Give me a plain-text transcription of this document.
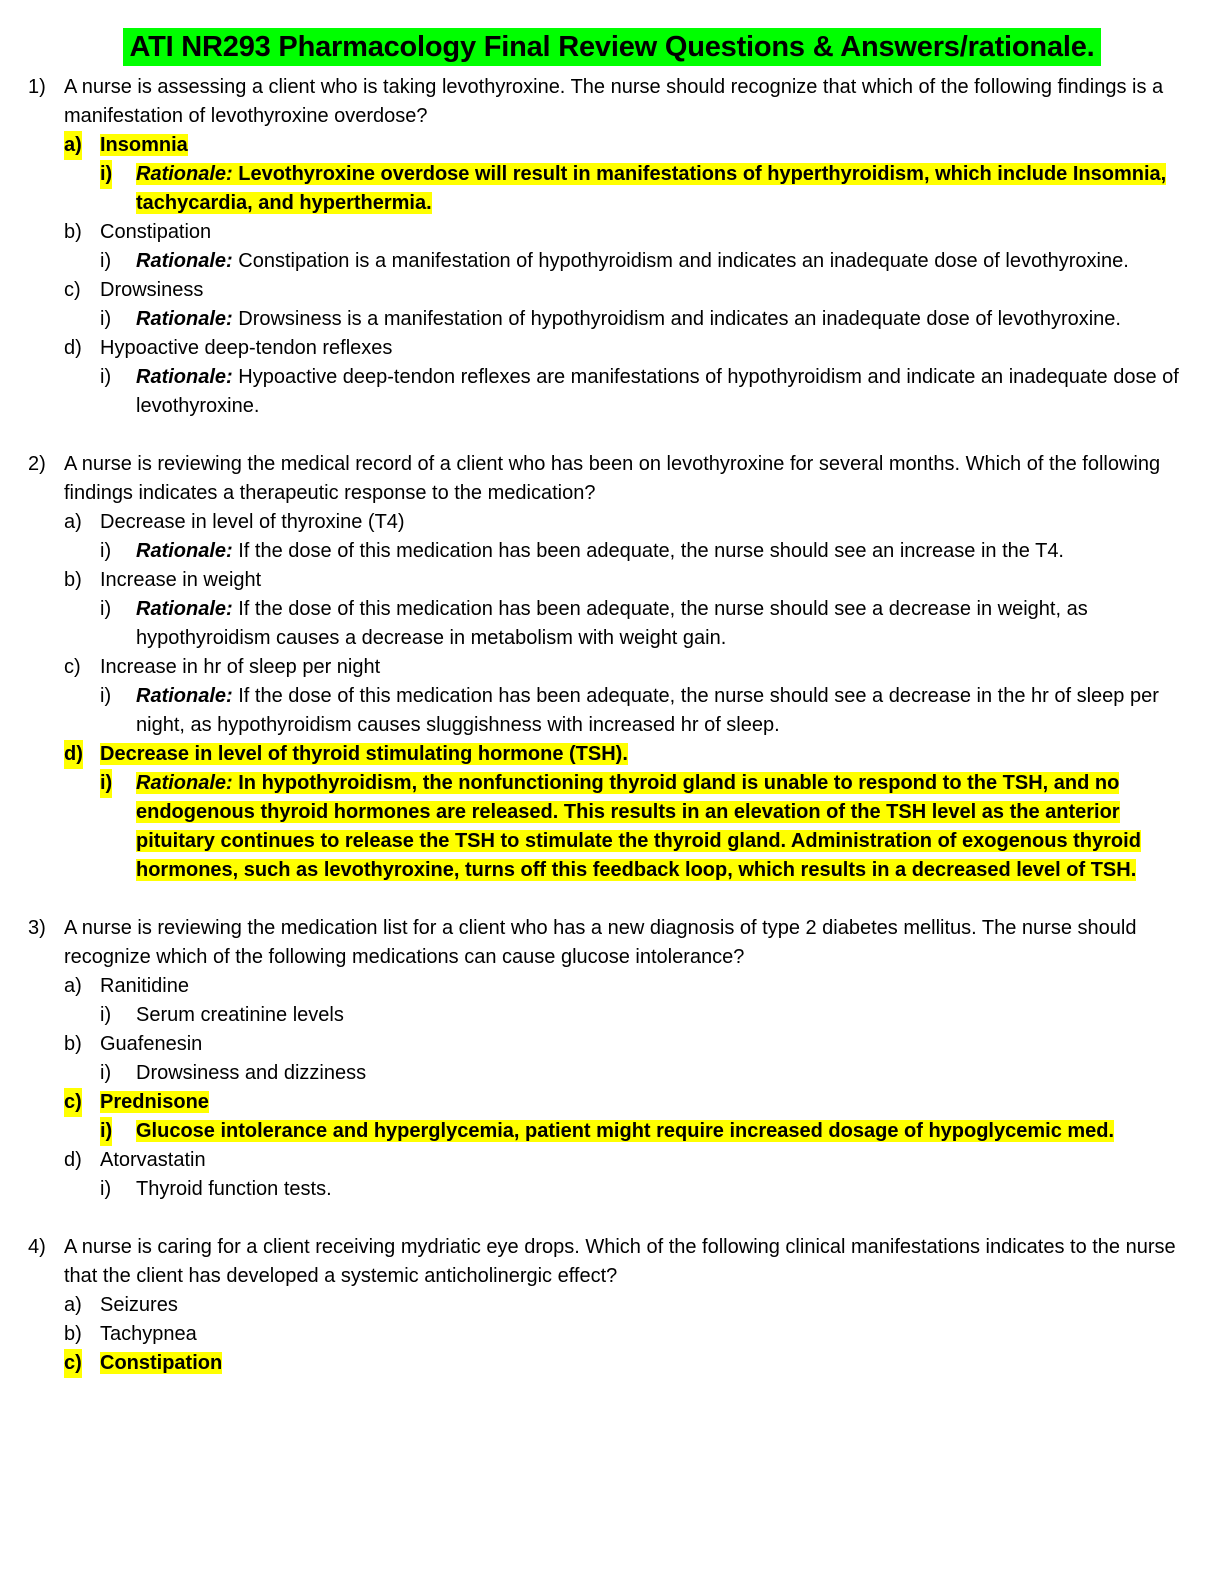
ATI NR293 Pharmacology Final Review Questions & Answers/rationale.
1) A nurse is assessing a client who is taking levothyroxine. The nurse should recognize that which of the following findings is a manifestation of levothyroxine overdose?
a) Insomnia
i) Rationale: Levothyroxine overdose will result in manifestations of hyperthyroidism, which include Insomnia, tachycardia, and hyperthermia.
b) Constipation
i) Rationale: Constipation is a manifestation of hypothyroidism and indicates an inadequate dose of levothyroxine.
c) Drowsiness
i) Rationale: Drowsiness is a manifestation of hypothyroidism and indicates an inadequate dose of levothyroxine.
d) Hypoactive deep-tendon reflexes
i) Rationale: Hypoactive deep-tendon reflexes are manifestations of hypothyroidism and indicate an inadequate dose of levothyroxine.
2) A nurse is reviewing the medical record of a client who has been on levothyroxine for several months. Which of the following findings indicates a therapeutic response to the medication?
a) Decrease in level of thyroxine (T4)
i) Rationale: If the dose of this medication has been adequate, the nurse should see an increase in the T4.
b) Increase in weight
i) Rationale: If the dose of this medication has been adequate, the nurse should see a decrease in weight, as hypothyroidism causes a decrease in metabolism with weight gain.
c) Increase in hr of sleep per night
i) Rationale: If the dose of this medication has been adequate, the nurse should see a decrease in the hr of sleep per night, as hypothyroidism causes sluggishness with increased hr of sleep.
d) Decrease in level of thyroid stimulating hormone (TSH).
i) Rationale: In hypothyroidism, the nonfunctioning thyroid gland is unable to respond to the TSH, and no endogenous thyroid hormones are released. This results in an elevation of the TSH level as the anterior pituitary continues to release the TSH to stimulate the thyroid gland. Administration of exogenous thyroid hormones, such as levothyroxine, turns off this feedback loop, which results in a decreased level of TSH.
3) A nurse is reviewing the medication list for a client who has a new diagnosis of type 2 diabetes mellitus. The nurse should recognize which of the following medications can cause glucose intolerance?
a) Ranitidine
i) Serum creatinine levels
b) Guafenesin
i) Drowsiness and dizziness
c) Prednisone
i) Glucose intolerance and hyperglycemia, patient might require increased dosage of hypoglycemic med.
d) Atorvastatin
i) Thyroid function tests.
4) A nurse is caring for a client receiving mydriatic eye drops. Which of the following clinical manifestations indicates to the nurse that the client has developed a systemic anticholinergic effect?
a) Seizures
b) Tachypnea
c) Constipation
